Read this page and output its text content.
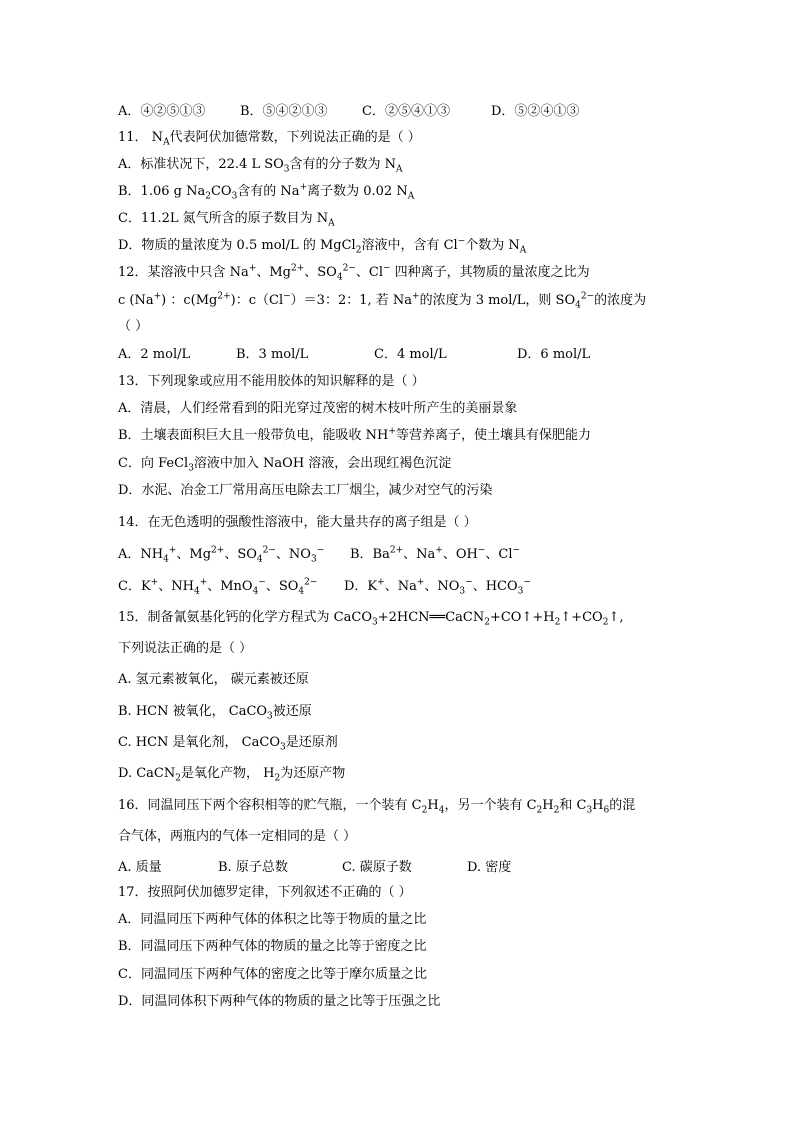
A．④②⑤①③	B．⑤④②①③	C．②⑤④①③	D．⑤②④①③
11． $N_A$代表阿伏加德常数，下列说法正确的是（ ）
A．标准状况下，22.4 L $SO_3$含有的分子数为 $N_A$
B．1.06 g $Na_2CO_3$含有的 Na+离子数为 0.02 $N_A$
C．11.2L 氮气所含的原子数目为 $N_A$
D．物质的量浓度为 0.5 mol/L 的 MgCl$_2$溶液中，含有 Cl−个数为 $N_A$
12．某溶液中只含 Na+、$Mg^{2+}$、$SO_4^{2-}$、Cl− 四种离子，其物质的量浓度之比为
c (Na+) ：$c(Mg^{2+})$：c（Cl−）＝3：2：1, 若 Na+的浓度为 3 mol/L，则 $SO_4^{2-}$的浓度为
（ ）
A．2 mol/L	B．3 mol/L	C．4 mol/L	D．6 mol/L
13．下列现象或应用不能用胶体的知识解释的是（ ）
A．清晨，人们经常看到的阳光穿过茂密的树木枝叶所产生的美丽景象
B．土壤表面积巨大且一般带负电，能吸收 NH+等营养离子，使土壤具有保肥能力
C．向 FeCl$_3$溶液中加入 NaOH 溶液，会出现红褐色沉淀
D．水泥、冶金工厂常用高压电除去工厂烟尘，减少对空气的污染
14．在无色透明的强酸性溶液中，能大量共存的离子组是（ ）
A．$NH_4^+$、$Mg^{2+}$、$SO_4^{2-}$、$NO_3^-$ B．$Ba^{2+}$、Na+、OH−、Cl−
C．K+、$NH_4^+$、MnO$_4$−、$SO_4^{2-}$ D．K+、Na+、$NO_3^-$、$HCO_3^-$
15．制备氰氨基化钙的化学方程式为 $CaCO_3+2HCN══CaCN_2+CO↑+H_2↑+CO_2↑$,
下列说法正确的是（ ）
A. 氢元素被氧化， 碳元素被还原
B. HCN 被氧化， CaCO$_3$被还原
C. HCN 是氧化剂， CaCO$_3$是还原剂
D. CaCN$_2$是氧化产物， $H_2$为还原产物
16．同温同压下两个容积相等的贮气瓶，一个装有 $C_2H_4$，另一个装有 $C_2H_2$和 $C_3H_6$的混
合气体，两瓶内的气体一定相同的是（ ）
A. 质量	B. 原子总数	C. 碳原子数	D. 密度
17．按照阿伏加德罗定律，下列叙述不正确的（ ）
A．同温同压下两种气体的体积之比等于物质的量之比
B．同温同压下两种气体的物质的量之比等于密度之比
C．同温同压下两种气体的密度之比等于摩尔质量之比
D．同温同体积下两种气体的物质的量之比等于压强之比
